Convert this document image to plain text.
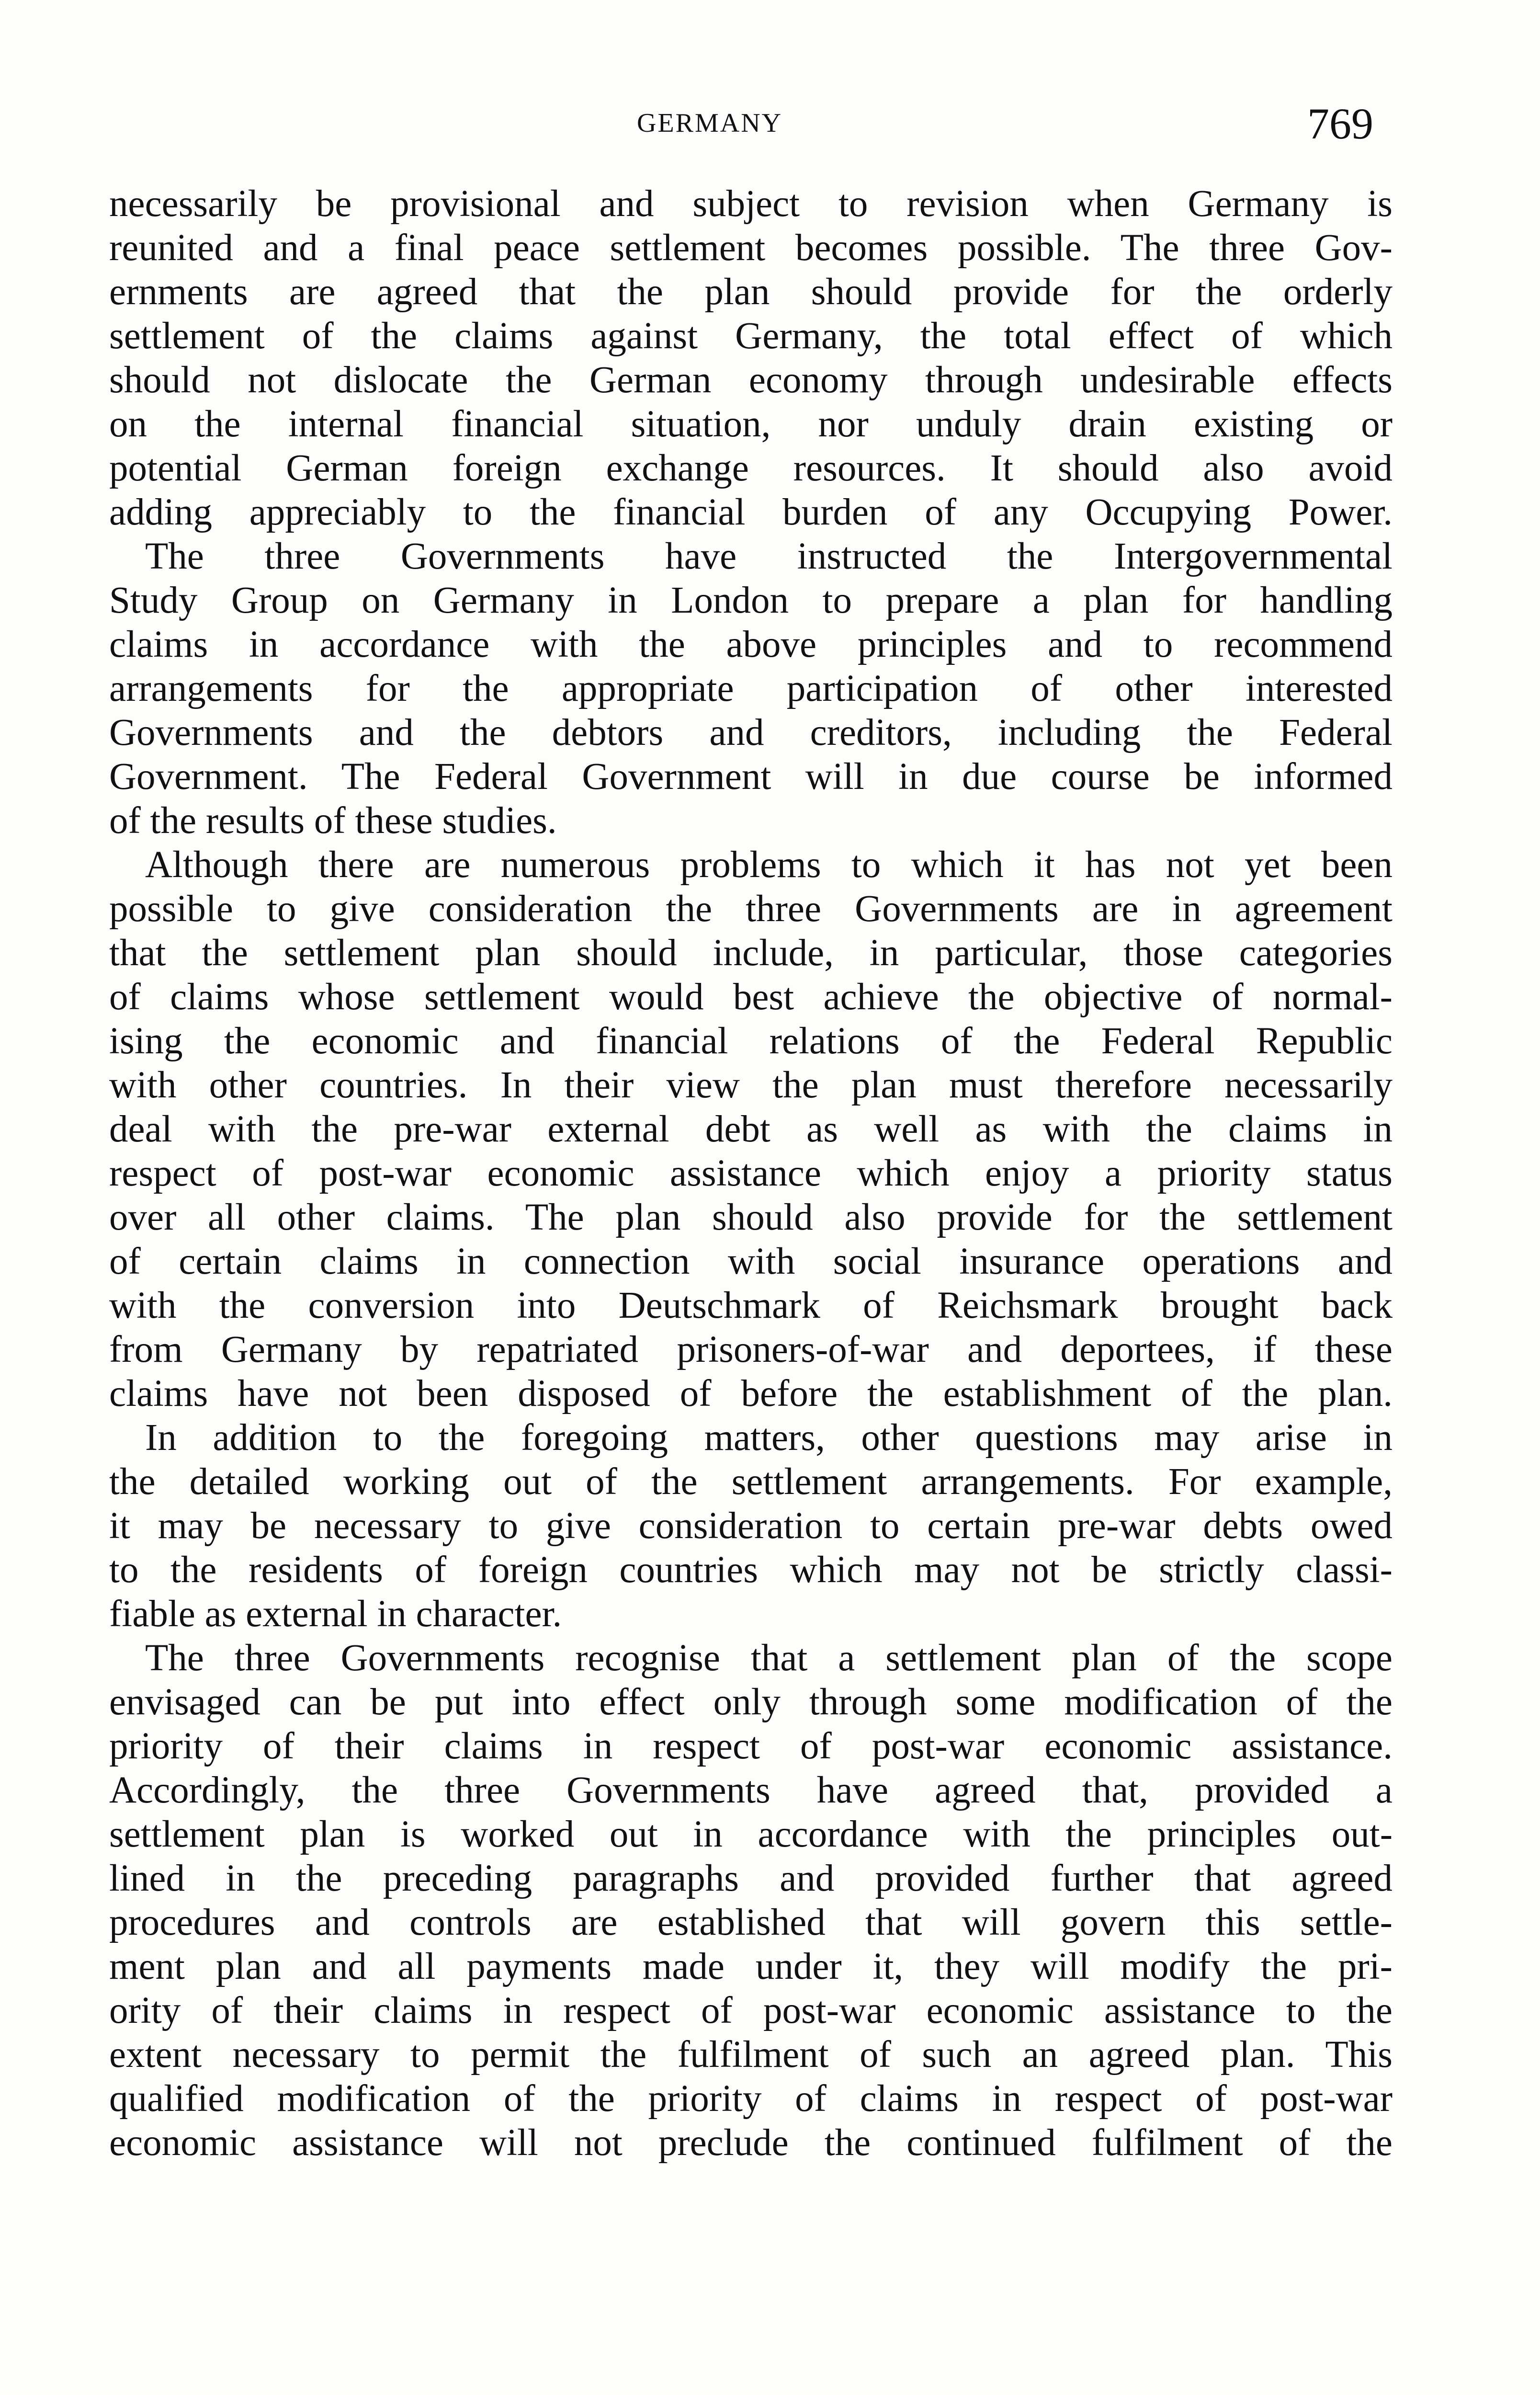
GERMANY	769
necessarily be provisional and subject to revision when Germany is
reunited and a final peace settlement becomes possible. The three Gov-
ernments are agreed that the plan should provide for the orderly
settlement of the claims against Germany, the total effect of which
should not dislocate the German economy through undesirable effects
on the internal financial situation, nor unduly drain existing or
potential German foreign exchange resources. It should also avoid
adding appreciably to the financial burden of any Occupying Power.
The three Governments have instructed the Intergovernmental
Study Group on Germany in London to prepare a plan for handling
claims in accordance with the above principles and to recommend
arrangements for the appropriate participation of other interested
Governments and the debtors and creditors, including the Federal
Government. The Federal Government will in due course be informed
of the results of these studies.
Although there are numerous problems to which it has not yet been
possible to give consideration the three Governments are in agreement
that the settlement plan should include, in particular, those categories
of claims whose settlement would best achieve the objective of normal-
ising the economic and financial relations of the Federal Republic
with other countries. In their view the plan must therefore necessarily
deal with the pre-war external debt as well as with the claims in
respect of post-war economic assistance which enjoy a priority status
over all other claims. The plan should also provide for the settlement
of certain claims in connection with social insurance operations and
with the conversion into Deutschmark of Reichsmark brought back
from Germany by repatriated prisoners-of-war and deportees, if these
claims have not been disposed of before the establishment of the plan.
In addition to the foregoing matters, other questions may arise in
the detailed working out of the settlement arrangements. For example,
it may be necessary to give consideration to certain pre-war debts owed
to the residents of foreign countries which may not be strictly classi-
fiable as external in character.
The three Governments recognise that a settlement plan of the scope
envisaged can be put into effect only through some modification of the
priority of their claims in respect of post-war economic assistance.
Accordingly, the three Governments have agreed that, provided a
settlement plan is worked out in accordance with the principles out-
lined in the preceding paragraphs and provided further that agreed
procedures and controls are established that will govern this settle-
ment plan and all payments made under it, they will modify the pri-
ority of their claims in respect of post-war economic assistance to the
extent necessary to permit the fulfilment of such an agreed plan. This
qualified modification of the priority of claims in respect of post-war
economic assistance will not preclude the continued fulfilment of the
